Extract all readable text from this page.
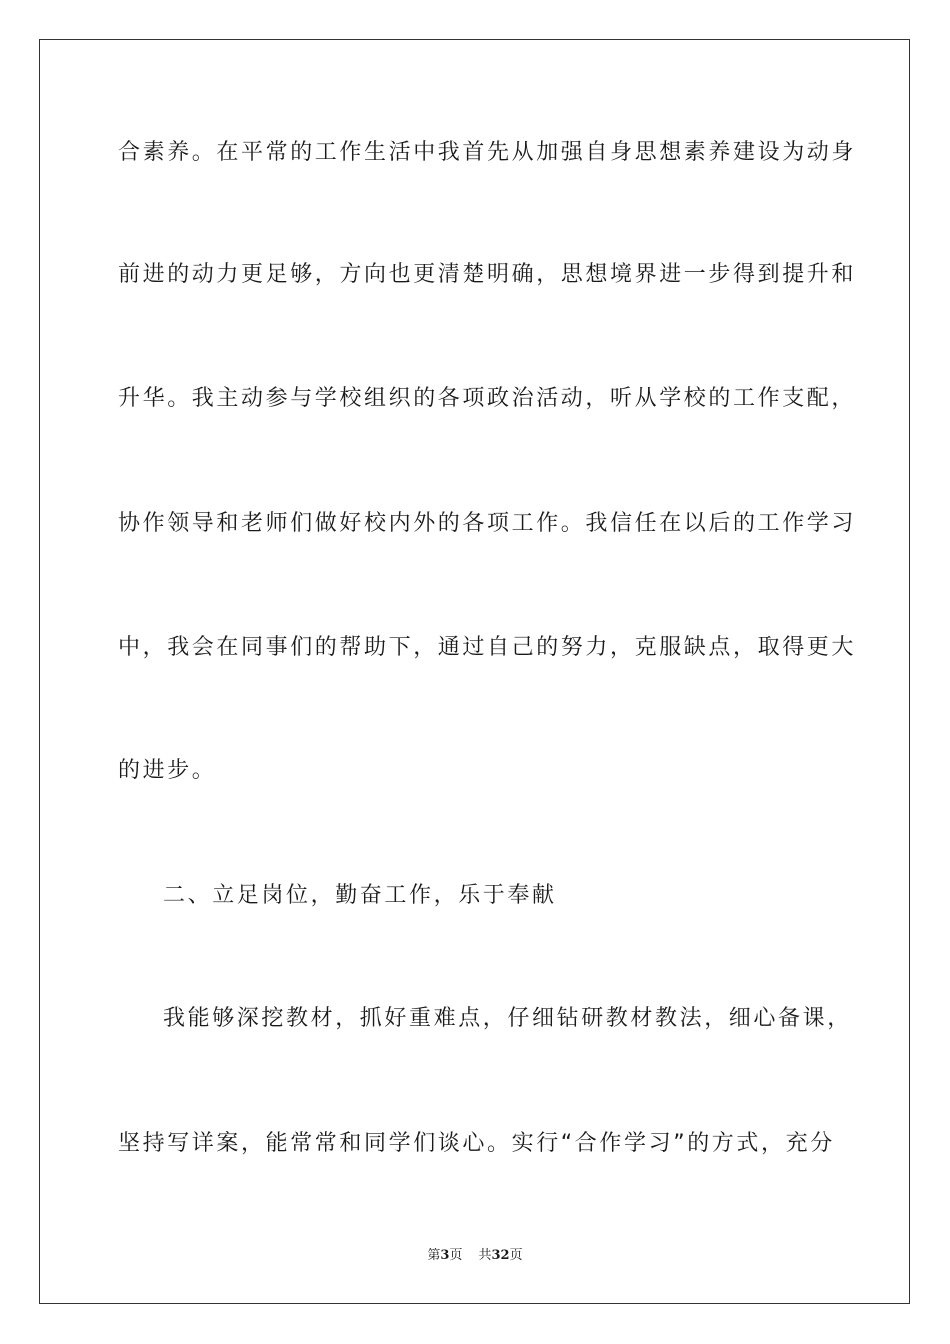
合素养。在平常的工作生活中我首先从加强自身思想素养建设为动身
前进的动力更足够，方向也更清楚明确，思想境界进一步得到提升和
升华。我主动参与学校组织的各项政治活动，听从学校的工作支配，
协作领导和老师们做好校内外的各项工作。我信任在以后的工作学习
中，我会在同事们的帮助下，通过自己的努力，克服缺点，取得更大
的进步。
二、立足岗位，勤奋工作，乐于奉献
我能够深挖教材，抓好重难点，仔细钻研教材教法，细心备课，
坚持写详案，能常常和同学们谈心。实行“合作学习”的方式，充分
第3页 共32页
